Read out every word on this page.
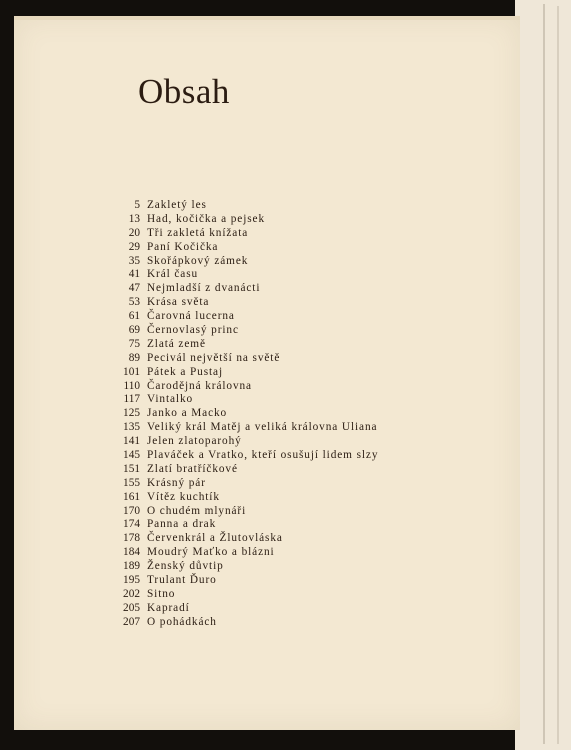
Obsah
5 Zakletý les
13 Had, kočička a pejsek
20 Tři zakletá knížata
29 Paní Kočička
35 Skořápkový zámek
41 Král času
47 Nejmladší z dvanácti
53 Krása světa
61 Čarovná lucerna
69 Černovlasý princ
75 Zlatá země
89 Pecivál největší na světě
101 Pátek a Pustaj
110 Čarodějná královna
117 Vintalko
125 Janko a Macko
135 Veliký král Matěj a veliká královna Uliana
141 Jelen zlatoparohý
145 Plaváček a Vratko, kteří osušují lidem slzy
151 Zlatí bratříčkové
155 Krásný pár
161 Vítěz kuchtík
170 O chudém mlynáři
174 Panna a drak
178 Červenkrál a Žlutovláska
184 Moudrý Maťko a blázni
189 Ženský důvtip
195 Trulant Ďuro
202 Sitno
205 Kapradí
207 O pohádkách
